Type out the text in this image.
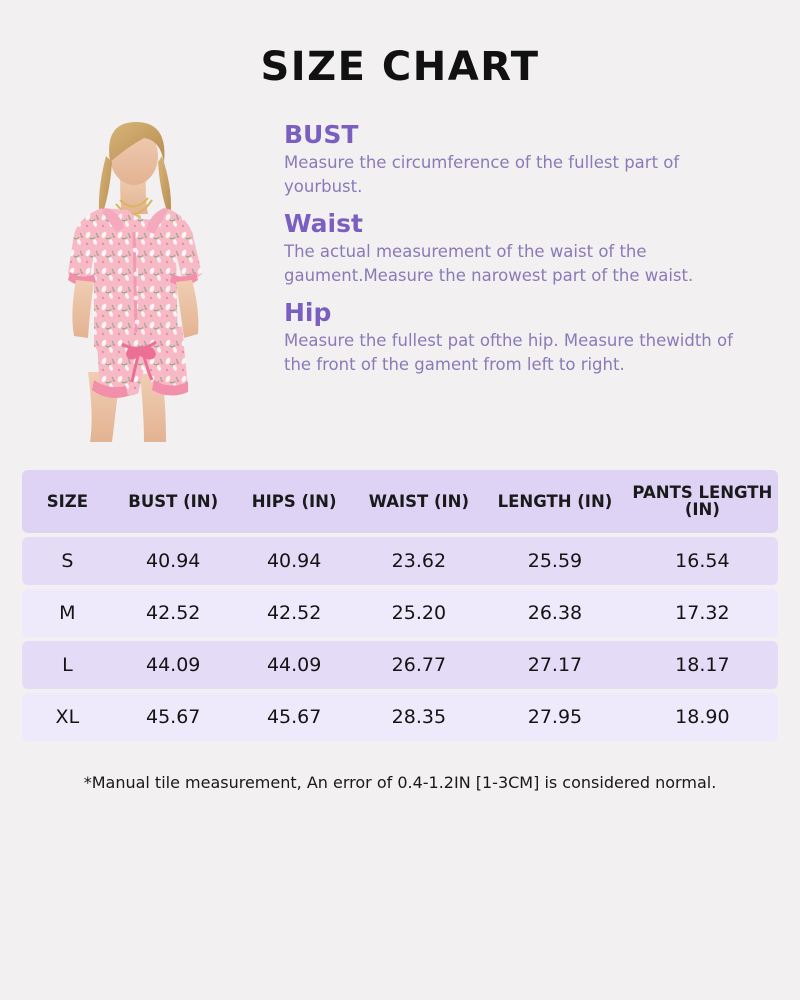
SIZE CHART
BUST

Measure the circumference of the fullest part of yourbust.

Waist

The actual measurement of the waist of the gaument.Measure the narowest part of the waist.

Hip

Measure the fullest pat ofthe hip. Measure thewidth of the front of the gament from left to right.

SIZE	BUST (IN)	HIPS (IN)	WAIST (IN)	LENGTH (IN)	PANTS LENGTH (IN)
S	40.94	40.94	23.62	25.59	16.54
M	42.52	42.52	25.20	26.38	17.32
L	44.09	44.09	26.77	27.17	18.17
XL	45.67	45.67	28.35	27.95	18.90
*Manual tile measurement, An error of 0.4-1.2IN [1-3CM] is considered normal.
